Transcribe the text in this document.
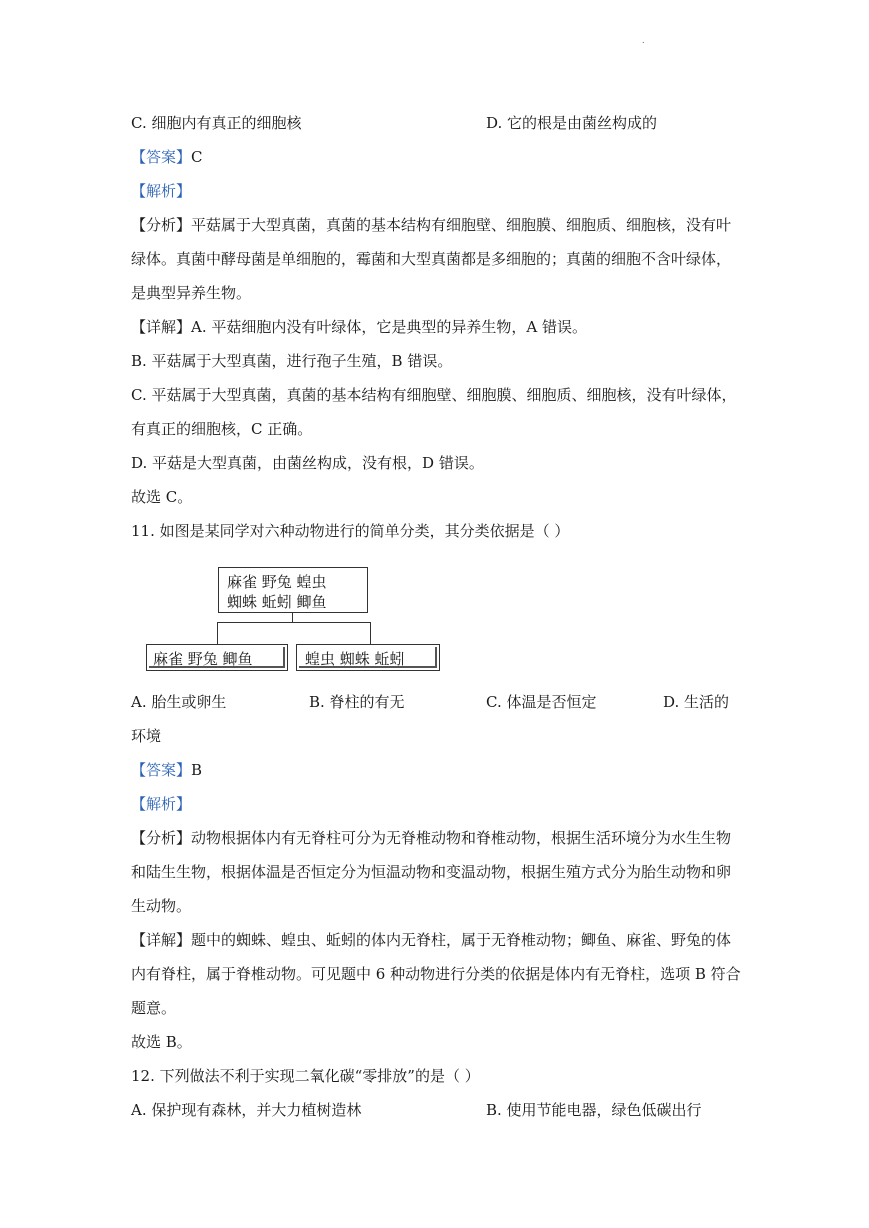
.
C. 细胞内有真正的细胞核	D. 它的根是由菌丝构成的
【答案】C
【解析】
【分析】平菇属于大型真菌，真菌的基本结构有细胞壁、细胞膜、细胞质、细胞核，没有叶
绿体。真菌中酵母菌是单细胞的，霉菌和大型真菌都是多细胞的；真菌的细胞不含叶绿体，
是典型异养生物。
【详解】A. 平菇细胞内没有叶绿体，它是典型的异养生物，A 错误。
B. 平菇属于大型真菌，进行孢子生殖，B 错误。
C. 平菇属于大型真菌，真菌的基本结构有细胞壁、细胞膜、细胞质、细胞核，没有叶绿体，
有真正的细胞核，C 正确。
D. 平菇是大型真菌，由菌丝构成，没有根，D 错误。
故选 C。
11. 如图是某同学对六种动物进行的简单分类，其分类依据是（ ）
麻雀 野兔 蝗虫
蜘蛛 蚯蚓 鲫鱼
麻雀 野兔 鲫鱼	蝗虫 蜘蛛 蚯蚓
A. 胎生或卵生	B. 脊柱的有无	C. 体温是否恒定	D. 生活的
环境
【答案】B
【解析】
【分析】动物根据体内有无脊柱可分为无脊椎动物和脊椎动物，根据生活环境分为水生生物
和陆生生物，根据体温是否恒定分为恒温动物和变温动物，根据生殖方式分为胎生动物和卵
生动物。
【详解】题中的蜘蛛、蝗虫、蚯蚓的体内无脊柱，属于无脊椎动物；鲫鱼、麻雀、野兔的体
内有脊柱，属于脊椎动物。可见题中 6 种动物进行分类的依据是体内有无脊柱，选项 B 符合
题意。
故选 B。
12. 下列做法不利于实现二氧化碳“零排放”的是（ ）
A. 保护现有森林，并大力植树造林	B. 使用节能电器，绿色低碳出行
